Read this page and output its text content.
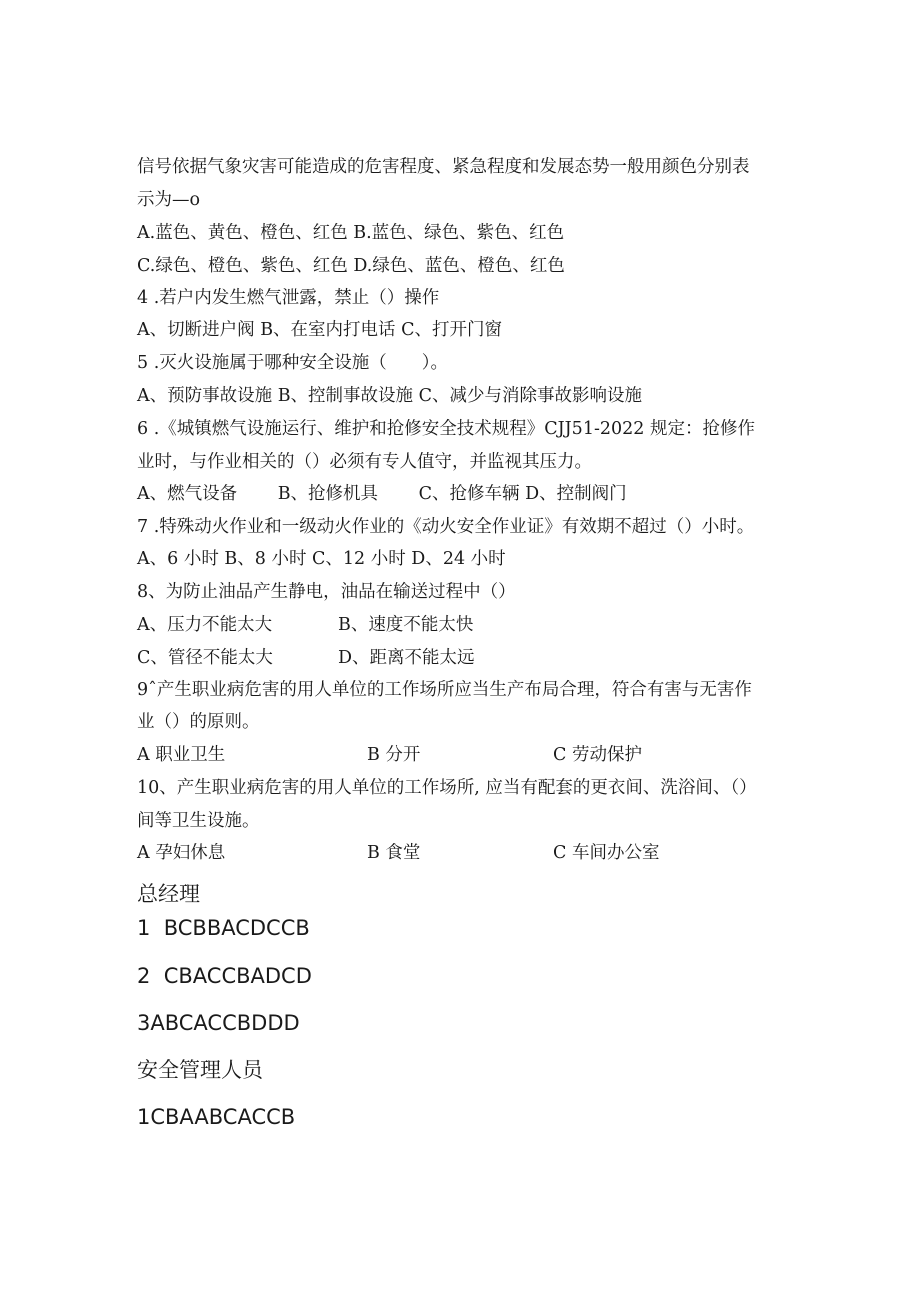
信号依据气象灾害可能造成的危害程度、紧急程度和发展态势一般用颜色分别表
示为—o
A.蓝色、黄色、橙色、红色 B.蓝色、绿色、紫色、红色
C.绿色、橙色、紫色、红色 D.绿色、蓝色、橙色、红色
4 .若户内发生燃气泄露，禁止（）操作
A、切断进户阀 B、在室内打电话 C、打开门窗
5 .灭火设施属于哪种安全设施（　　）。
A、预防事故设施 B、控制事故设施 C、减少与消除事故影响设施
6 .《城镇燃气设施运行、维护和抢修安全技术规程》CJJ51-2022 规定：抢修作
业时，与作业相关的（）必须有专人值守，并监视其压力。
A、燃气设备　　 B、抢修机具　　 C、抢修车辆 D、控制阀门
7 .特殊动火作业和一级动火作业的《动火安全作业证》有效期不超过（）小时。
A、6 小时 B、8 小时 C、12 小时 D、24 小时
8、为防止油品产生静电，油品在输送过程中（）
A、压力不能太大	B、速度不能太快
C、管径不能太大	D、距离不能太远
9ˆ产生职业病危害的用人单位的工作场所应当生产布局合理，符合有害与无害作
业（）的原则。
A 职业卫生	B 分开	C 劳动保护
10、产生职业病危害的用人单位的工作场所, 应当有配套的更衣间、洗浴间、（）
间等卫生设施。
A 孕妇休息	B 食堂	C 车间办公室
总经理
1  BCBBACDCCB
2  CBACCBADCD
3ABCACCBDDD
安全管理人员
1CBAABCACCB
